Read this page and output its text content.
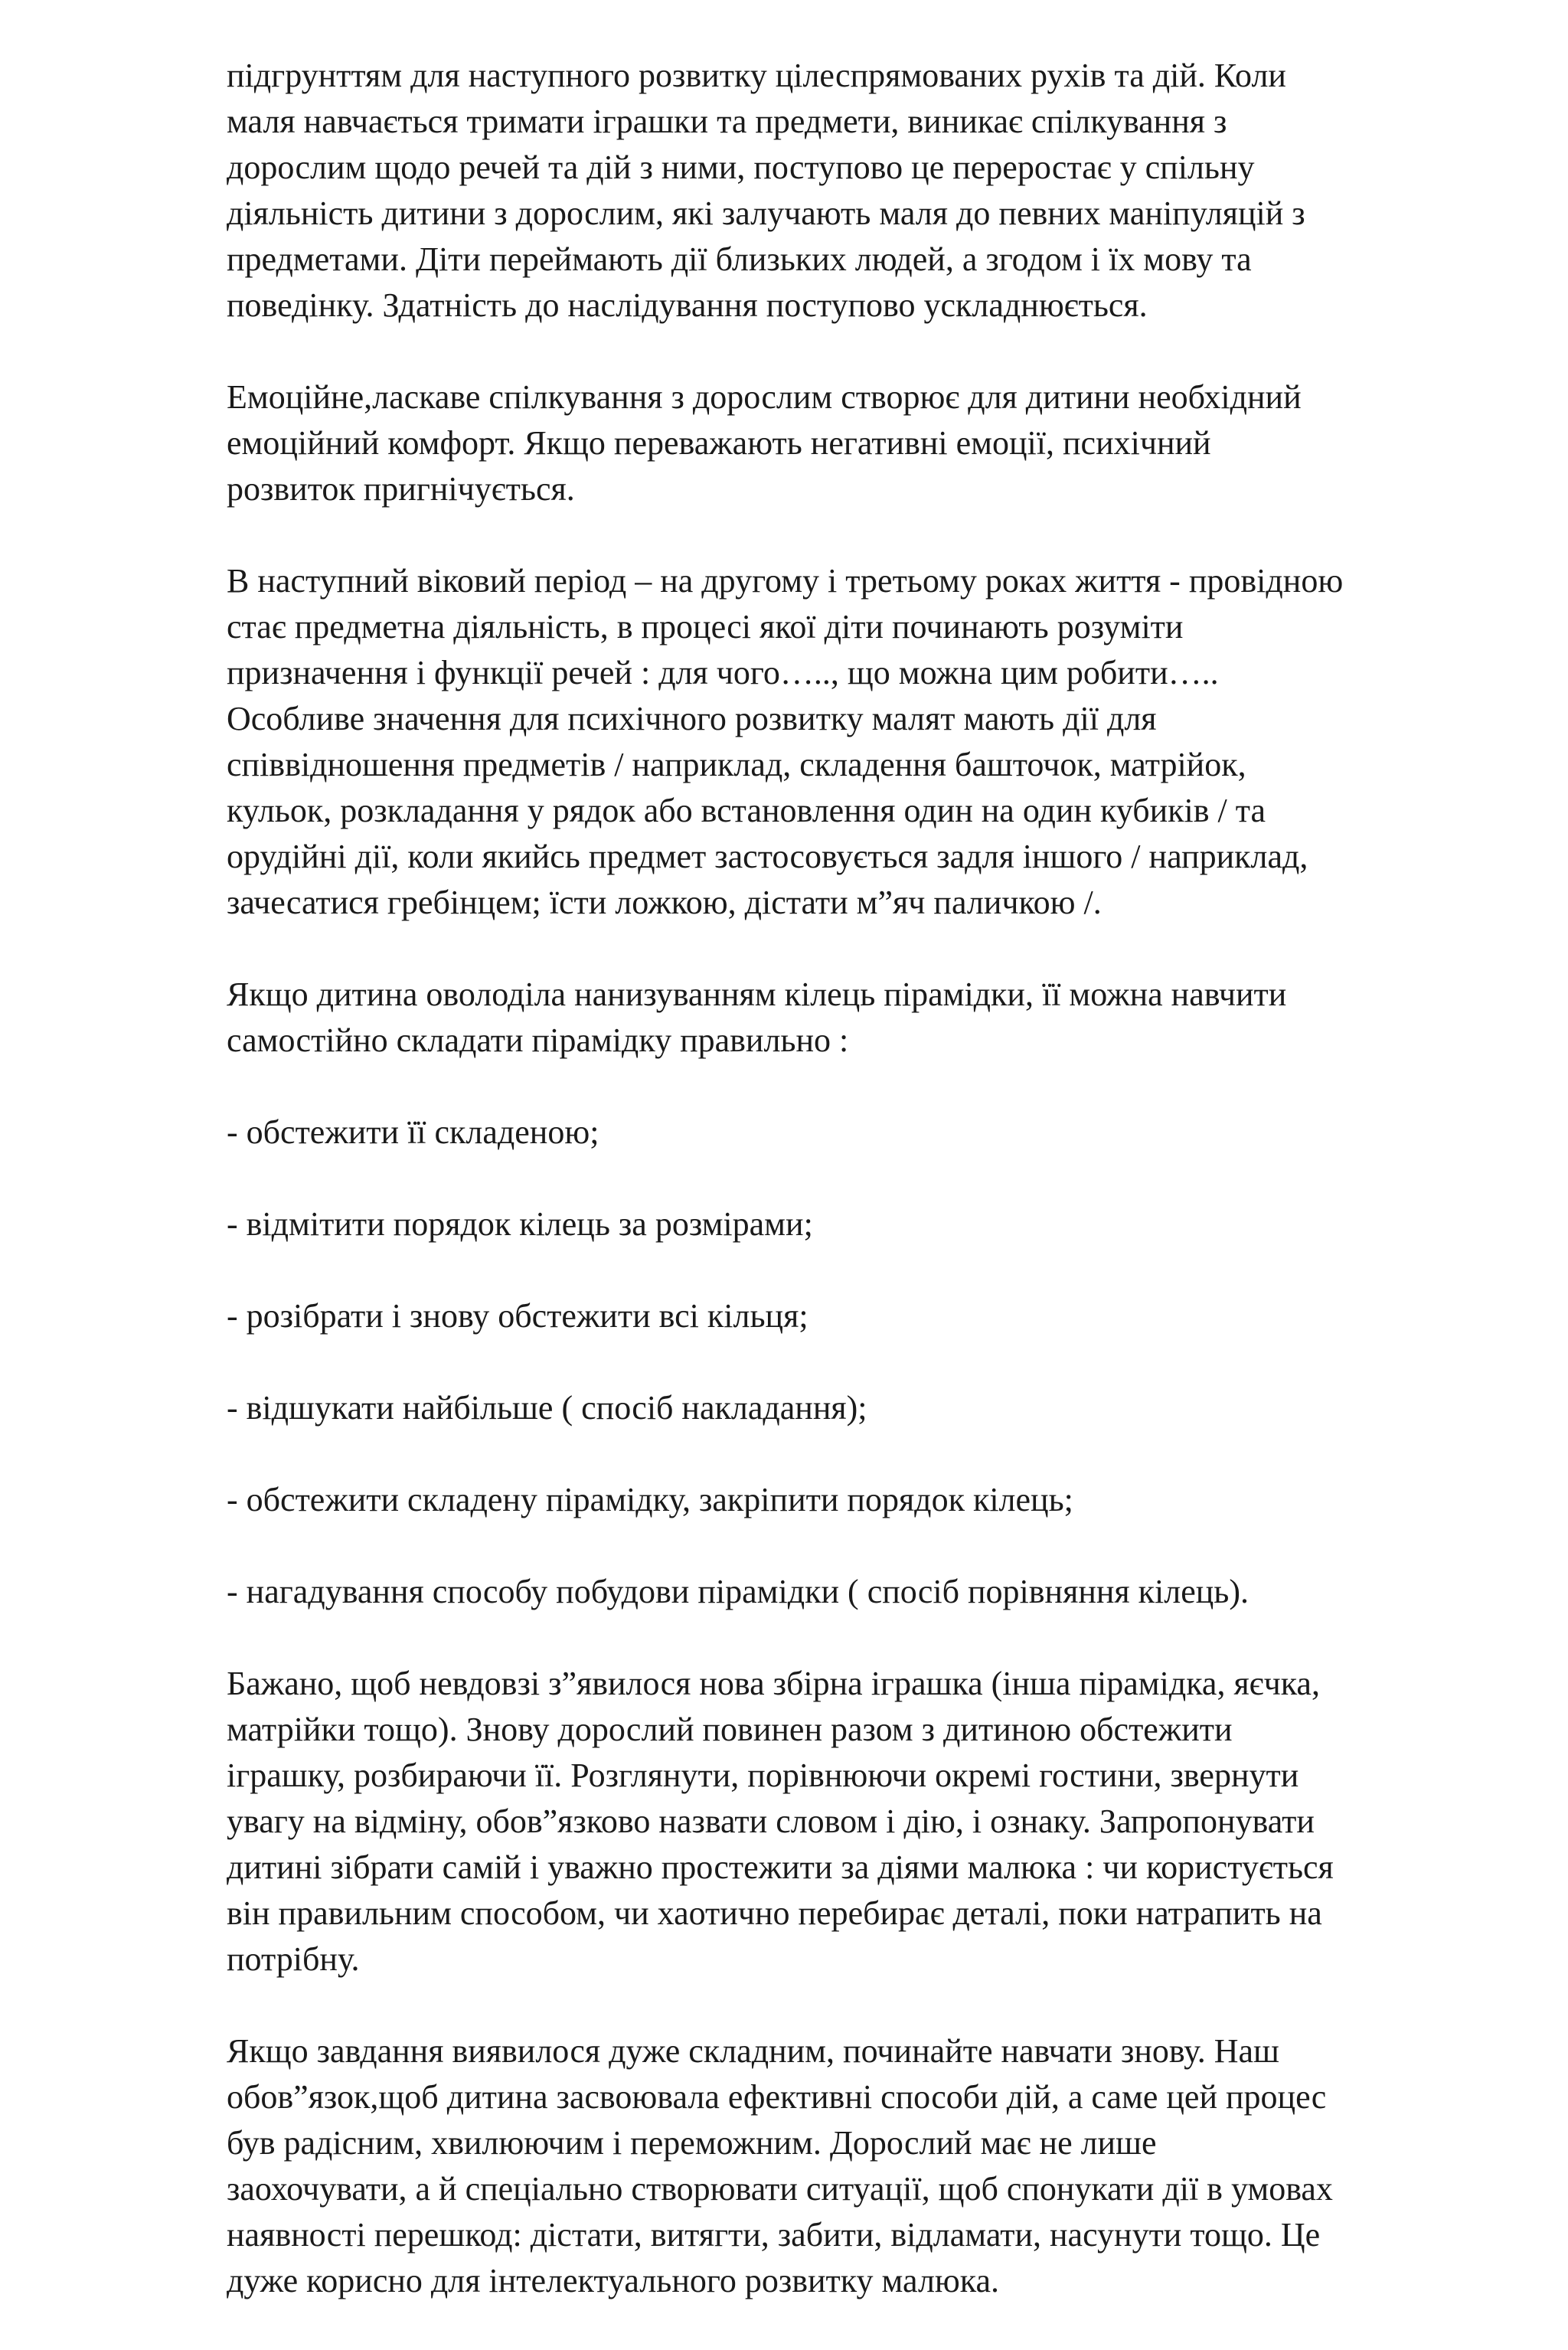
підгрунттям для наступного розвитку цілеспрямованих рухів та дій. Коли
маля навчається тримати іграшки та предмети, виникає спілкування з
дорослим щодо речей та дій з ними, поступово це переростає у спільну
діяльність дитини з дорослим, які залучають маля до певних маніпуляцій з
предметами. Діти переймають дії близьких людей, а згодом і їх мову та
поведінку. Здатність до наслідування поступово ускладнюється.
Емоційне,ласкаве спілкування з дорослим створює для дитини необхідний
емоційний комфорт. Якщо переважають негативні емоції, психічний
розвиток пригнічується.
В наступний віковий період – на другому і третьому роках життя - провідною
стає предметна діяльність, в процесі якої діти починають розуміти
призначення і функції речей : для чого….., що можна цим робити…..
Особливе значення для психічного розвитку малят мають дії для
співвідношення предметів / наприклад, складення башточок, матрійок,
кульок, розкладання у рядок або встановлення один на один кубиків / та
орудійні дії, коли якийсь предмет застосовується задля іншого / наприклад,
зачесатися гребінцем; їсти ложкою, дістати м”яч паличкою /.
Якщо дитина оволоділа нанизуванням кілець пірамідки, її можна навчити
самостійно складати пірамідку правильно :
- обстежити її складеною;
- відмітити порядок кілець за розмірами;
- розібрати і знову обстежити всі кільця;
- відшукати найбільше ( спосіб накладання);
- обстежити складену пірамідку, закріпити порядок кілець;
- нагадування способу побудови пірамідки ( спосіб порівняння кілець).
Бажано, щоб невдовзі з”явилося нова збірна іграшка (інша пірамідка, яєчка,
матрійки тощо). Знову дорослий повинен разом з дитиною обстежити
іграшку, розбираючи її. Розглянути, порівнюючи окремі гостини, звернути
увагу на відміну, обов”язково назвати словом і дію, і ознаку. Запропонувати
дитині зібрати самій і уважно простежити за діями малюка : чи користується
він правильним способом, чи хаотично перебирає деталі, поки натрапить на
потрібну.
Якщо завдання виявилося дуже складним, починайте навчати знову. Наш
обов”язок,щоб дитина засвоювала ефективні способи дій, а саме цей процес
був радісним, хвилюючим і переможним. Дорослий має не лише
заохочувати, а й спеціально створювати ситуації, щоб спонукати дії в умовах
наявності перешкод: дістати, витягти, забити, відламати, насунути тощо. Це
дуже корисно для інтелектуального розвитку малюка.
